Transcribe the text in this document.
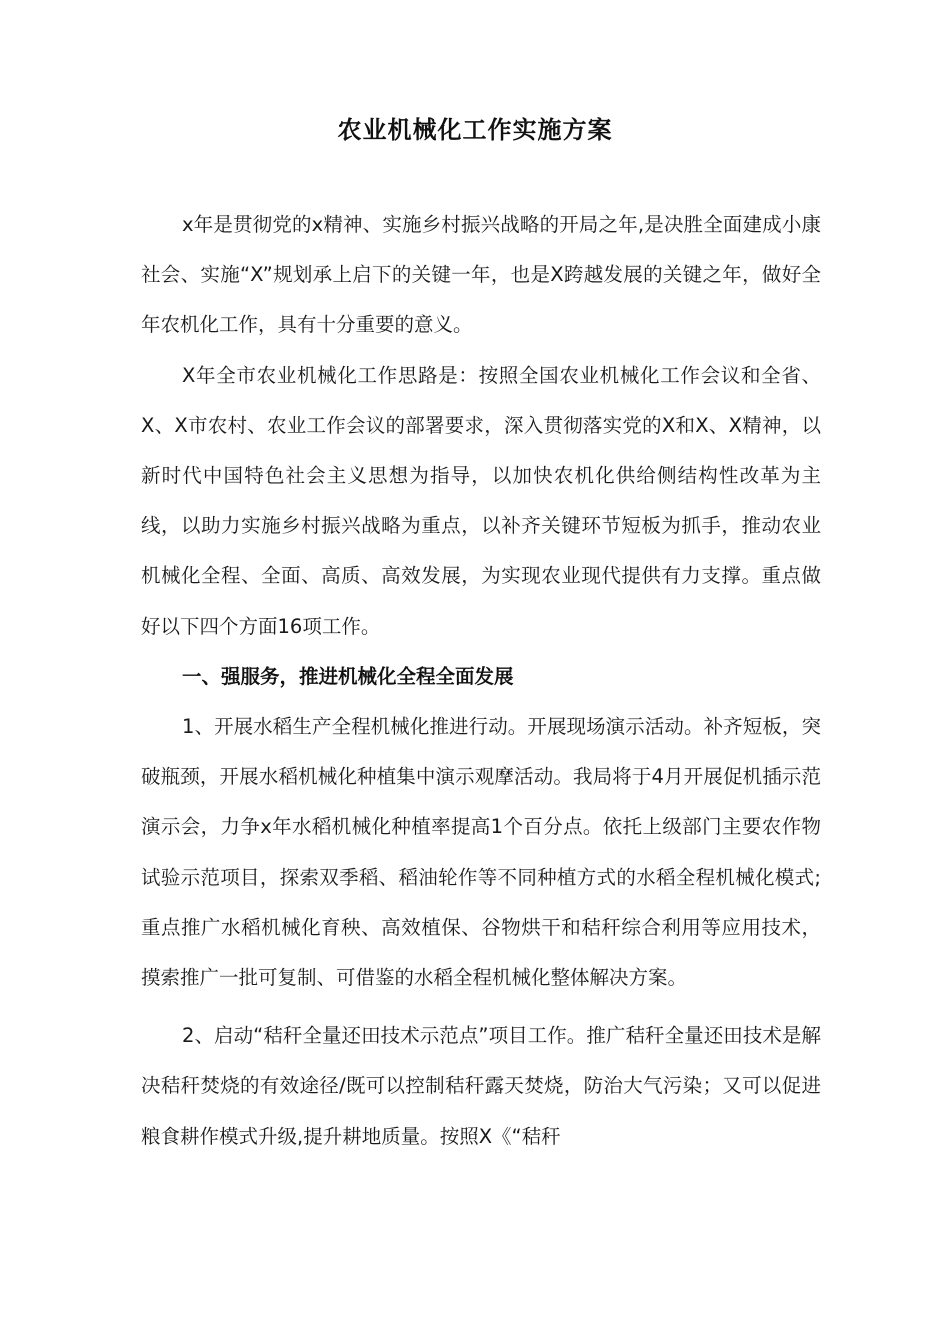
农业机械化工作实施方案

x年是贯彻党的x精神、实施乡村振兴战略的开局之年,是决胜全面建成小康社会、实施“X”规划承上启下的关键一年，也是X跨越发展的关键之年，做好全年农机化工作，具有十分重要的意义。

X年全市农业机械化工作思路是：按照全国农业机械化工作会议和全省、X、X市农村、农业工作会议的部署要求，深入贯彻落实党的X和X、X精神，以新时代中国特色社会主义思想为指导，以加快农机化供给侧结构性改革为主线，以助力实施乡村振兴战略为重点，以补齐关键环节短板为抓手，推动农业机械化全程、全面、高质、高效发展，为实现农业现代提供有力支撑。重点做好以下四个方面16项工作。

一、强服务，推进机械化全程全面发展

1、开展水稻生产全程机械化推进行动。开展现场演示活动。补齐短板，突破瓶颈，开展水稻机械化种植集中演示观摩活动。我局将于4月开展促机插示范演示会，力争x年水稻机械化种植率提高1个百分点。依托上级部门主要农作物试验示范项目，探索双季稻、稻油轮作等不同种植方式的水稻全程机械化模式;重点推广水稻机械化育秧、高效植保、谷物烘干和秸秆综合利用等应用技术，摸索推广一批可复制、可借鉴的水稻全程机械化整体解决方案。

2、启动“秸秆全量还田技术示范点”项目工作。推广秸秆全量还田技术是解决秸秆焚烧的有效途径/既可以控制秸秆露天焚烧，防治大气污染；又可以促进粮食耕作模式升级,提升耕地质量。按照X《“秸秆
